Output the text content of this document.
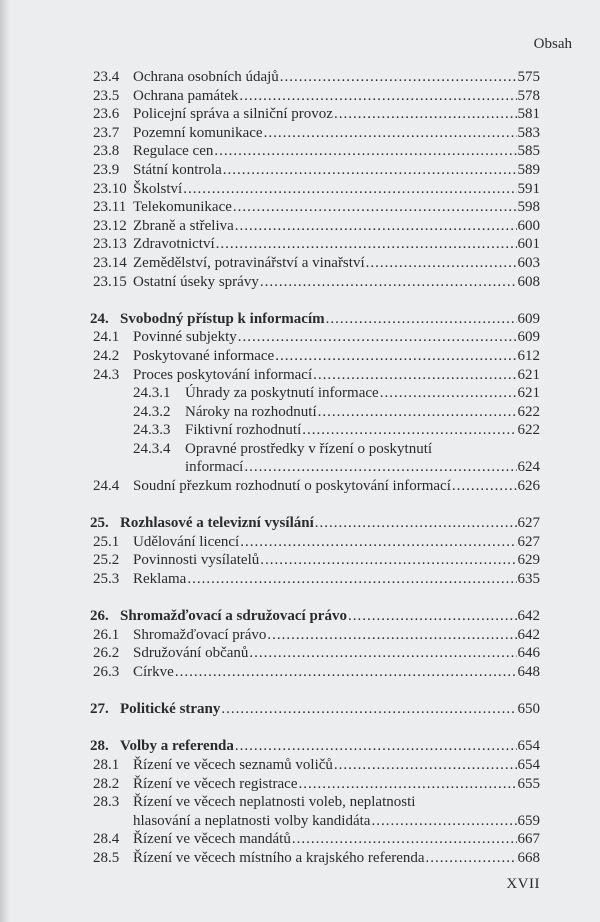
Obsah
23.4 Ochrana osobních údajů .....	575
23.5 Ochrana památek .....	578
23.6 Policejní správa a silniční provoz .....	581
23.7 Pozemní komunikace .....	583
23.8 Regulace cen .....	585
23.9 Státní kontrola .....	589
23.10 Školství .....	591
23.11 Telekomunikace .....	598
23.12 Zbraně a střeliva .....	600
23.13 Zdravotnictví .....	601
23.14 Zemědělství, potravinářství a vinařství .....	603
23.15 Ostatní úseky správy .....	608
24. Svobodný přístup k informacím .....	609
24.1 Povinné subjekty .....	609
24.2 Poskytované informace .....	612
24.3 Proces poskytování informací .....	621
24.3.1 Úhrady za poskytnutí informace .....	621
24.3.2 Nároky na rozhodnutí .....	622
24.3.3 Fiktivní rozhodnutí .....	622
24.3.4 Opravné prostředky v řízení o poskytnutí
informací .....	624
24.4 Soudní přezkum rozhodnutí o poskytování informací .....	626
25. Rozhlasové a televizní vysílání .....	627
25.1 Udělování licencí .....	627
25.2 Povinnosti vysílatelů .....	629
25.3 Reklama .....	635
26. Shromažďovací a sdružovací právo .....	642
26.1 Shromažďovací právo .....	642
26.2 Sdružování občanů .....	646
26.3 Církve .....	648
27. Politické strany .....	650
28. Volby a referenda .....	654
28.1 Řízení ve věcech seznamů voličů .....	654
28.2 Řízení ve věcech registrace .....	655
28.3 Řízení ve věcech neplatnosti voleb, neplatnosti
hlasování a neplatnosti volby kandidáta .....	659
28.4 Řízení ve věcech mandátů .....	667
28.5 Řízení ve věcech místního a krajského referenda .....	668
XVII
